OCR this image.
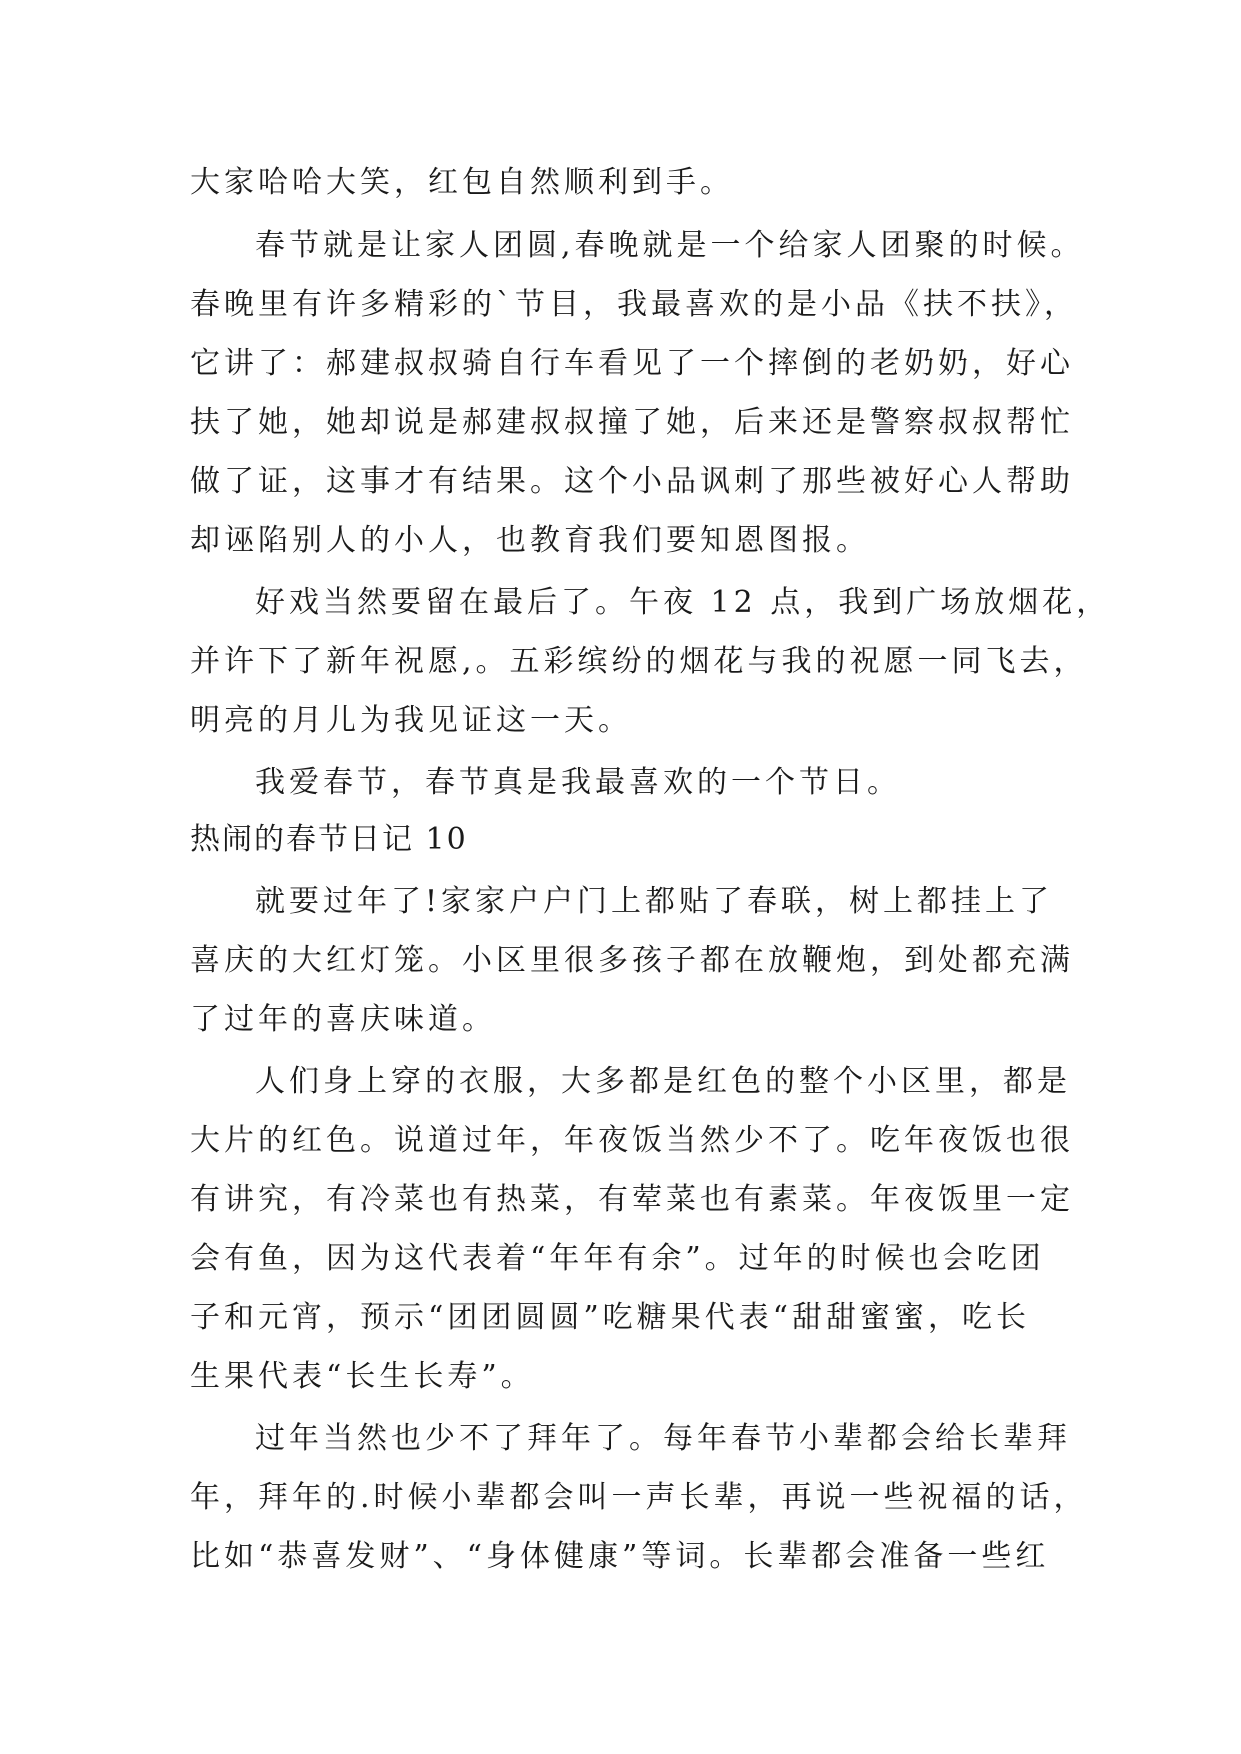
大家哈哈大笑，红包自然顺利到手。

春节就是让家人团圆,春晚就是一个给家人团聚的时候。

春晚里有许多精彩的`节目，我最喜欢的是小品《扶不扶》，

它讲了：郝建叔叔骑自行车看见了一个摔倒的老奶奶，好心

扶了她，她却说是郝建叔叔撞了她，后来还是警察叔叔帮忙

做了证，这事才有结果。这个小品讽刺了那些被好心人帮助

却诬陷别人的小人，也教育我们要知恩图报。

好戏当然要留在最后了。午夜 12 点，我到广场放烟花，

并许下了新年祝愿,。五彩缤纷的烟花与我的祝愿一同飞去，

明亮的月儿为我见证这一天。

我爱春节，春节真是我最喜欢的一个节日。

热闹的春节日记 10

就要过年了!家家户户门上都贴了春联，树上都挂上了

喜庆的大红灯笼。小区里很多孩子都在放鞭炮，到处都充满

了过年的喜庆味道。

人们身上穿的衣服，大多都是红色的整个小区里，都是

大片的红色。说道过年，年夜饭当然少不了。吃年夜饭也很

有讲究，有冷菜也有热菜，有荤菜也有素菜。年夜饭里一定

会有鱼，因为这代表着“年年有余”。过年的时候也会吃团

子和元宵，预示“团团圆圆”吃糖果代表“甜甜蜜蜜，吃长

生果代表“长生长寿”。

过年当然也少不了拜年了。每年春节小辈都会给长辈拜

年，拜年的.时候小辈都会叫一声长辈，再说一些祝福的话，

比如“恭喜发财”、“身体健康”等词。长辈都会准备一些红
